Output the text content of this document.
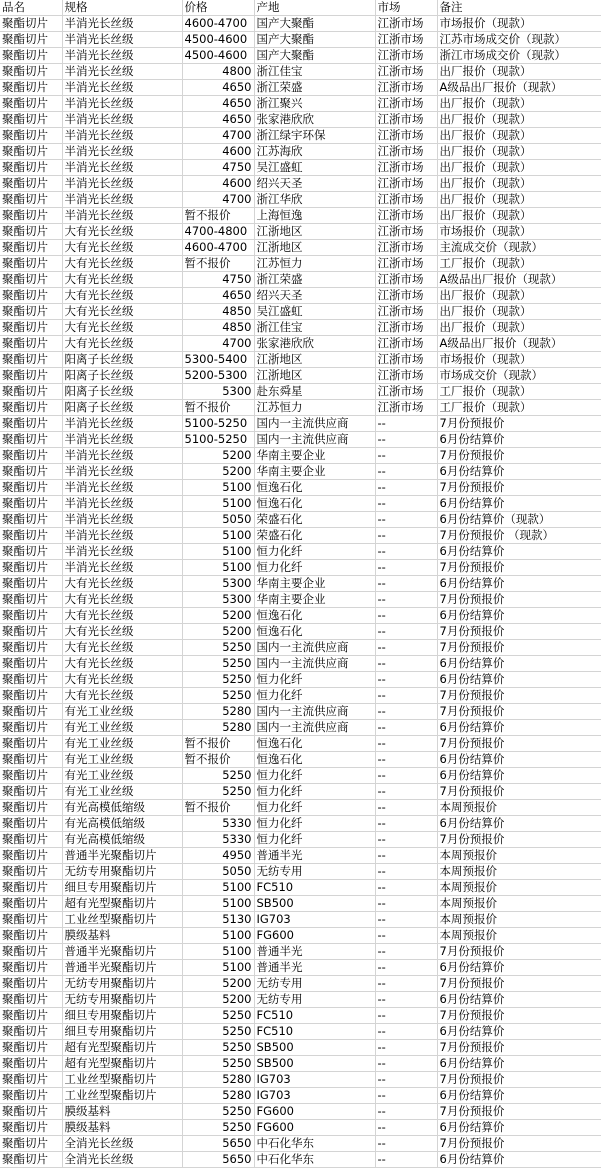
品名	规格	价格	产地	市场	备注
聚酯切片	半消光长丝级	4600-4700	国产大聚酯	江浙市场	市场报价（现款）
聚酯切片	半消光长丝级	4500-4600	国产大聚酯	江浙市场	江苏市场成交价（现款）
聚酯切片	半消光长丝级	4500-4600	国产大聚酯	江浙市场	浙江市场成交价（现款）
聚酯切片	半消光长丝级	4800	浙江佳宝	江浙市场	出厂报价（现款）
聚酯切片	半消光长丝级	4650	浙江荣盛	江浙市场	A级品出厂报价（现款）
聚酯切片	半消光长丝级	4650	浙江聚兴	江浙市场	出厂报价（现款）
聚酯切片	半消光长丝级	4650	张家港欣欣	江浙市场	出厂报价（现款）
聚酯切片	半消光长丝级	4700	浙江绿宇环保	江浙市场	出厂报价（现款）
聚酯切片	半消光长丝级	4600	江苏海欣	江浙市场	出厂报价（现款）
聚酯切片	半消光长丝级	4750	吴江盛虹	江浙市场	出厂报价（现款）
聚酯切片	半消光长丝级	4600	绍兴天圣	江浙市场	出厂报价（现款）
聚酯切片	半消光长丝级	4700	浙江华欣	江浙市场	出厂报价（现款）
聚酯切片	半消光长丝级	暂不报价	上海恒逸	江浙市场	出厂报价（现款）
聚酯切片	大有光长丝级	4700-4800	江浙地区	江浙市场	市场报价（现款）
聚酯切片	大有光长丝级	4600-4700	江浙地区	江浙市场	主流成交价（现款）
聚酯切片	大有光长丝级	暂不报价	江苏恒力	江浙市场	工厂报价（现款）
聚酯切片	大有光长丝级	4750	浙江荣盛	江浙市场	A级品出厂报价（现款）
聚酯切片	大有光长丝级	4650	绍兴天圣	江浙市场	出厂报价（现款）
聚酯切片	大有光长丝级	4850	吴江盛虹	江浙市场	出厂报价（现款）
聚酯切片	大有光长丝级	4850	浙江佳宝	江浙市场	出厂报价（现款）
聚酯切片	大有光长丝级	4700	张家港欣欣	江浙市场	A级品出厂报价（现款）
聚酯切片	阳离子长丝级	5300-5400	江浙地区	江浙市场	市场报价（现款）
聚酯切片	阳离子长丝级	5200-5300	江浙地区	江浙市场	市场成交价（现款）
聚酯切片	阳离子长丝级	5300	赴东舜星	江浙市场	工厂报价（现款）
聚酯切片	阳离子长丝级	暂不报价	江苏恒力	江浙市场	工厂报价（现款）
聚酯切片	半消光长丝级	5100-5250	国内一主流供应商	--	7月份预报价
聚酯切片	半消光长丝级	5100-5250	国内一主流供应商	--	6月份结算价
聚酯切片	半消光长丝级	5200	华南主要企业	--	7月份预报价
聚酯切片	半消光长丝级	5200	华南主要企业	--	6月份结算价
聚酯切片	半消光长丝级	5100	恒逸石化	--	7月份预报价
聚酯切片	半消光长丝级	5100	恒逸石化	--	6月份结算价
聚酯切片	半消光长丝级	5050	荣盛石化	--	6月份结算价（现款）
聚酯切片	半消光长丝级	5100	荣盛石化	--	7月份预报价 （现款）
聚酯切片	半消光长丝级	5100	恒力化纤	--	6月份结算价
聚酯切片	半消光长丝级	5100	恒力化纤	--	7月份预报价
聚酯切片	大有光长丝级	5300	华南主要企业	--	6月份结算价
聚酯切片	大有光长丝级	5300	华南主要企业	--	7月份预报价
聚酯切片	大有光长丝级	5200	恒逸石化	--	6月份结算价
聚酯切片	大有光长丝级	5200	恒逸石化	--	7月份预报价
聚酯切片	大有光长丝级	5250	国内一主流供应商	--	7月份预报价
聚酯切片	大有光长丝级	5250	国内一主流供应商	--	6月份结算价
聚酯切片	大有光长丝级	5250	恒力化纤	--	6月份结算价
聚酯切片	大有光长丝级	5250	恒力化纤	--	7月份预报价
聚酯切片	有光工业丝级	5280	国内一主流供应商	--	7月份预报价
聚酯切片	有光工业丝级	5280	国内一主流供应商	--	6月份结算价
聚酯切片	有光工业丝级	暂不报价	恒逸石化	--	7月份预报价
聚酯切片	有光工业丝级	暂不报价	恒逸石化	--	6月份结算价
聚酯切片	有光工业丝级	5250	恒力化纤	--	6月份结算价
聚酯切片	有光工业丝级	5250	恒力化纤	--	7月份预报价
聚酯切片	有光高模低缩级	暂不报价	恒力化纤	--	本周预报价
聚酯切片	有光高模低缩级	5330	恒力化纤	--	6月份结算价
聚酯切片	有光高模低缩级	5330	恒力化纤	--	7月份预报价
聚酯切片	普通半光聚酯切片	4950	普通半光	--	本周预报价
聚酯切片	无纺专用聚酯切片	5050	无纺专用	--	本周预报价
聚酯切片	细旦专用聚酯切片	5100	FC510	--	本周预报价
聚酯切片	超有光型聚酯切片	5100	SB500	--	本周预报价
聚酯切片	工业丝型聚酯切片	5130	IG703	--	本周预报价
聚酯切片	膜级基料	5100	FG600	--	本周预报价
聚酯切片	普通半光聚酯切片	5100	普通半光	--	7月份预报价
聚酯切片	普通半光聚酯切片	5100	普通半光	--	6月份结算价
聚酯切片	无纺专用聚酯切片	5200	无纺专用	--	7月份预报价
聚酯切片	无纺专用聚酯切片	5200	无纺专用	--	6月份结算价
聚酯切片	细旦专用聚酯切片	5250	FC510	--	7月份预报价
聚酯切片	细旦专用聚酯切片	5250	FC510	--	6月份结算价
聚酯切片	超有光型聚酯切片	5250	SB500	--	7月份预报价
聚酯切片	超有光型聚酯切片	5250	SB500	--	6月份结算价
聚酯切片	工业丝型聚酯切片	5280	IG703	--	7月份预报价
聚酯切片	工业丝型聚酯切片	5280	IG703	--	6月份结算价
聚酯切片	膜级基料	5250	FG600	--	7月份预报价
聚酯切片	膜级基料	5250	FG600	--	6月份结算价
聚酯切片	全消光长丝级	5650	中石化华东	--	7月份预报价
聚酯切片	全消光长丝级	5650	中石化华东	--	6月份结算价
